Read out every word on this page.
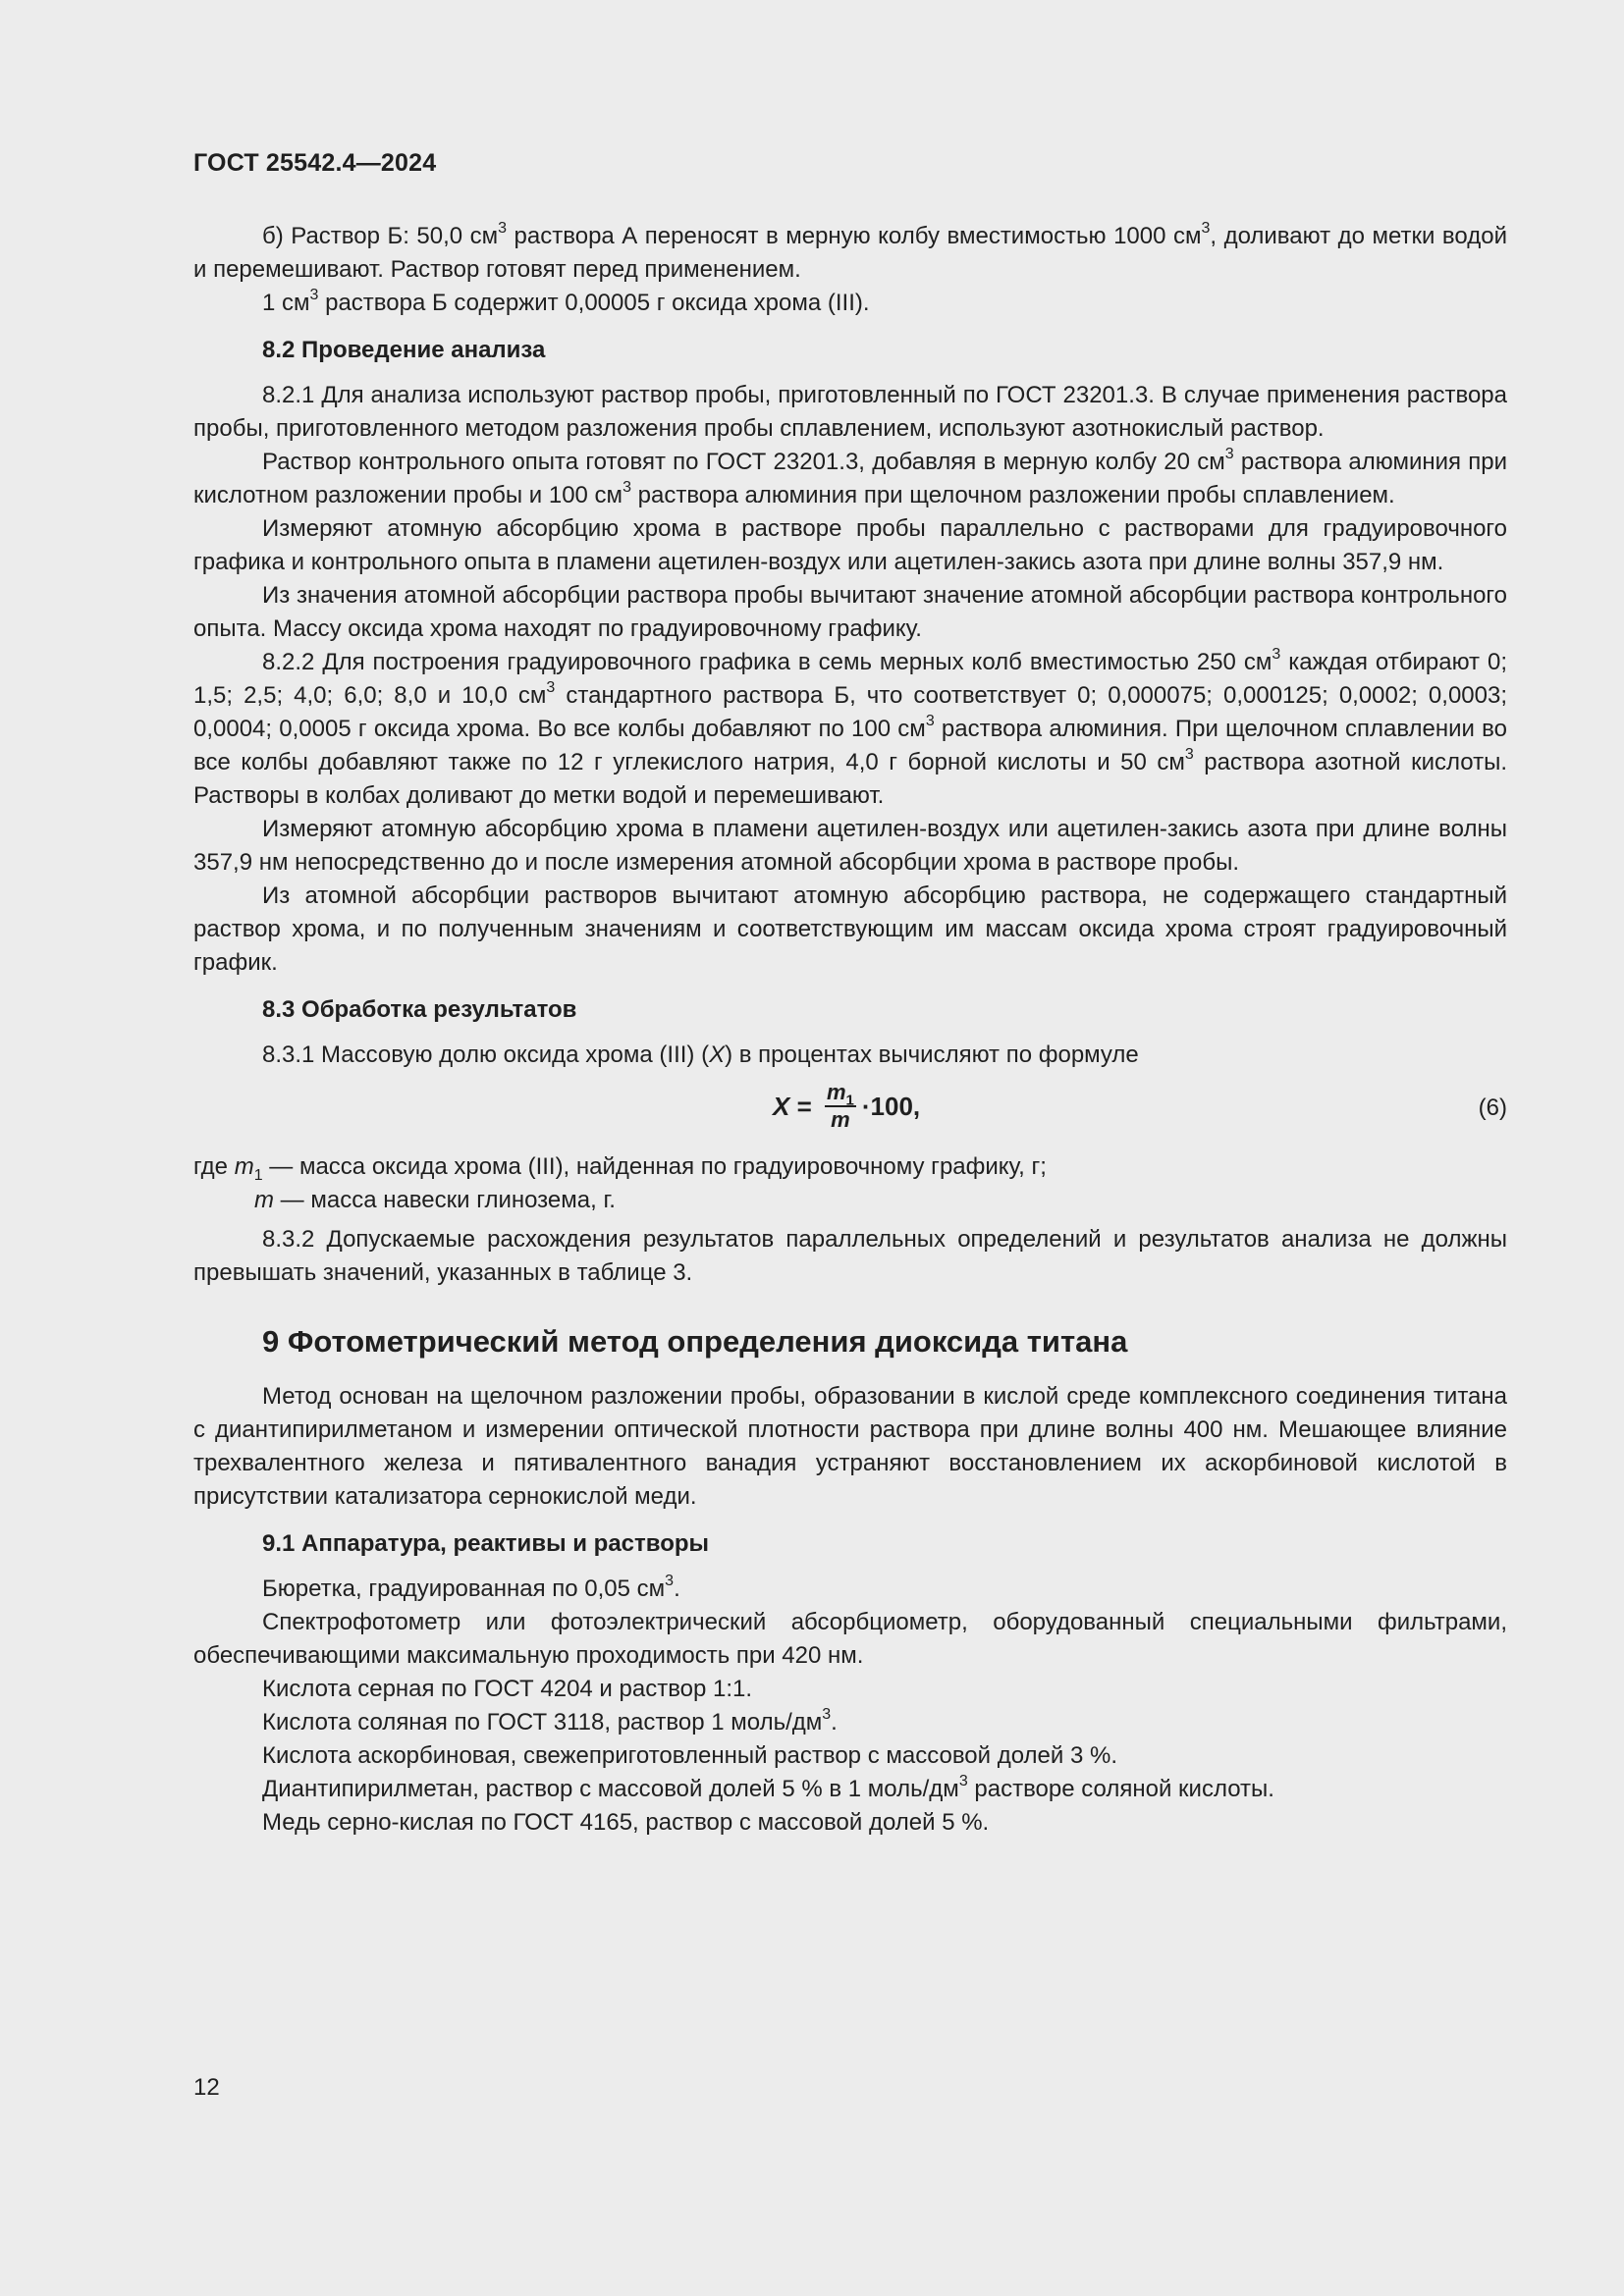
ГОСТ 25542.4—2024

б) Раствор Б: 50,0 $см^3$ раствора А переносят в мерную колбу вместимостью 1000 $см^3$, доливают до метки водой и перемешивают. Раствор готовят перед применением.

1 $см^3$ раствора Б содержит 0,00005 г оксида хрома (III).

8.2 Проведение анализа

8.2.1 Для анализа используют раствор пробы, приготовленный по ГОСТ 23201.3. В случае применения раствора пробы, приготовленного методом разложения пробы сплавлением, используют азотнокислый раствор.

Раствор контрольного опыта готовят по ГОСТ 23201.3, добавляя в мерную колбу 20 $см^3$ раствора алюминия при кислотном разложении пробы и 100 $см^3$ раствора алюминия при щелочном разложении пробы сплавлением.

Измеряют атомную абсорбцию хрома в растворе пробы параллельно с растворами для градуировочного графика и контрольного опыта в пламени ацетилен-воздух или ацетилен-закись азота при длине волны 357,9 нм.

Из значения атомной абсорбции раствора пробы вычитают значение атомной абсорбции раствора контрольного опыта. Массу оксида хрома находят по градуировочному графику.

8.2.2 Для построения градуировочного графика в семь мерных колб вместимостью 250 $см^3$ каждая отбирают 0; 1,5; 2,5; 4,0; 6,0; 8,0 и 10,0 $см^3$ стандартного раствора Б, что соответствует 0; 0,000075; 0,000125; 0,0002; 0,0003; 0,0004; 0,0005 г оксида хрома. Во все колбы добавляют по 100 $см^3$ раствора алюминия. При щелочном сплавлении во все колбы добавляют также по 12 г углекислого натрия, 4,0 г борной кислоты и 50 $см^3$ раствора азотной кислоты. Растворы в колбах доливают до метки водой и перемешивают.

Измеряют атомную абсорбцию хрома в пламени ацетилен-воздух или ацетилен-закись азота при длине волны 357,9 нм непосредственно до и после измерения атомной абсорбции хрома в растворе пробы.

Из атомной абсорбции растворов вычитают атомную абсорбцию раствора, не содержащего стандартный раствор хрома, и по полученным значениям и соответствующим им массам оксида хрома строят градуировочный график.

8.3 Обработка результатов

8.3.1 Массовую долю оксида хрома (III) (X) в процентах вычисляют по формуле

$X = \frac{m_1}{m} \cdot 100$,	(6)

где $m_1$ — масса оксида хрома (III), найденная по градуировочному графику, г;

m — масса навески глинозема, г.

8.3.2 Допускаемые расхождения результатов параллельных определений и результатов анализа не должны превышать значений, указанных в таблице 3.

9 Фотометрический метод определения диоксида титана

Метод основан на щелочном разложении пробы, образовании в кислой среде комплексного соединения титана с диантипирилметаном и измерении оптической плотности раствора при длине волны 400 нм. Мешающее влияние трехвалентного железа и пятивалентного ванадия устраняют восстановлением их аскорбиновой кислотой в присутствии катализатора сернокислой меди.

9.1 Аппаратура, реактивы и растворы

Бюретка, градуированная по 0,05 $см^3$.

Спектрофотометр или фотоэлектрический абсорбциометр, оборудованный специальными фильтрами, обеспечивающими максимальную проходимость при 420 нм.

Кислота серная по ГОСТ 4204 и раствор 1:1.

Кислота соляная по ГОСТ 3118, раствор 1 моль/$дм^3$.

Кислота аскорбиновая, свежеприготовленный раствор с массовой долей 3 %.

Диантипирилметан, раствор с массовой долей 5 % в 1 моль/$дм^3$ растворе соляной кислоты.

Медь серно-кислая по ГОСТ 4165, раствор с массовой долей 5 %.

12
